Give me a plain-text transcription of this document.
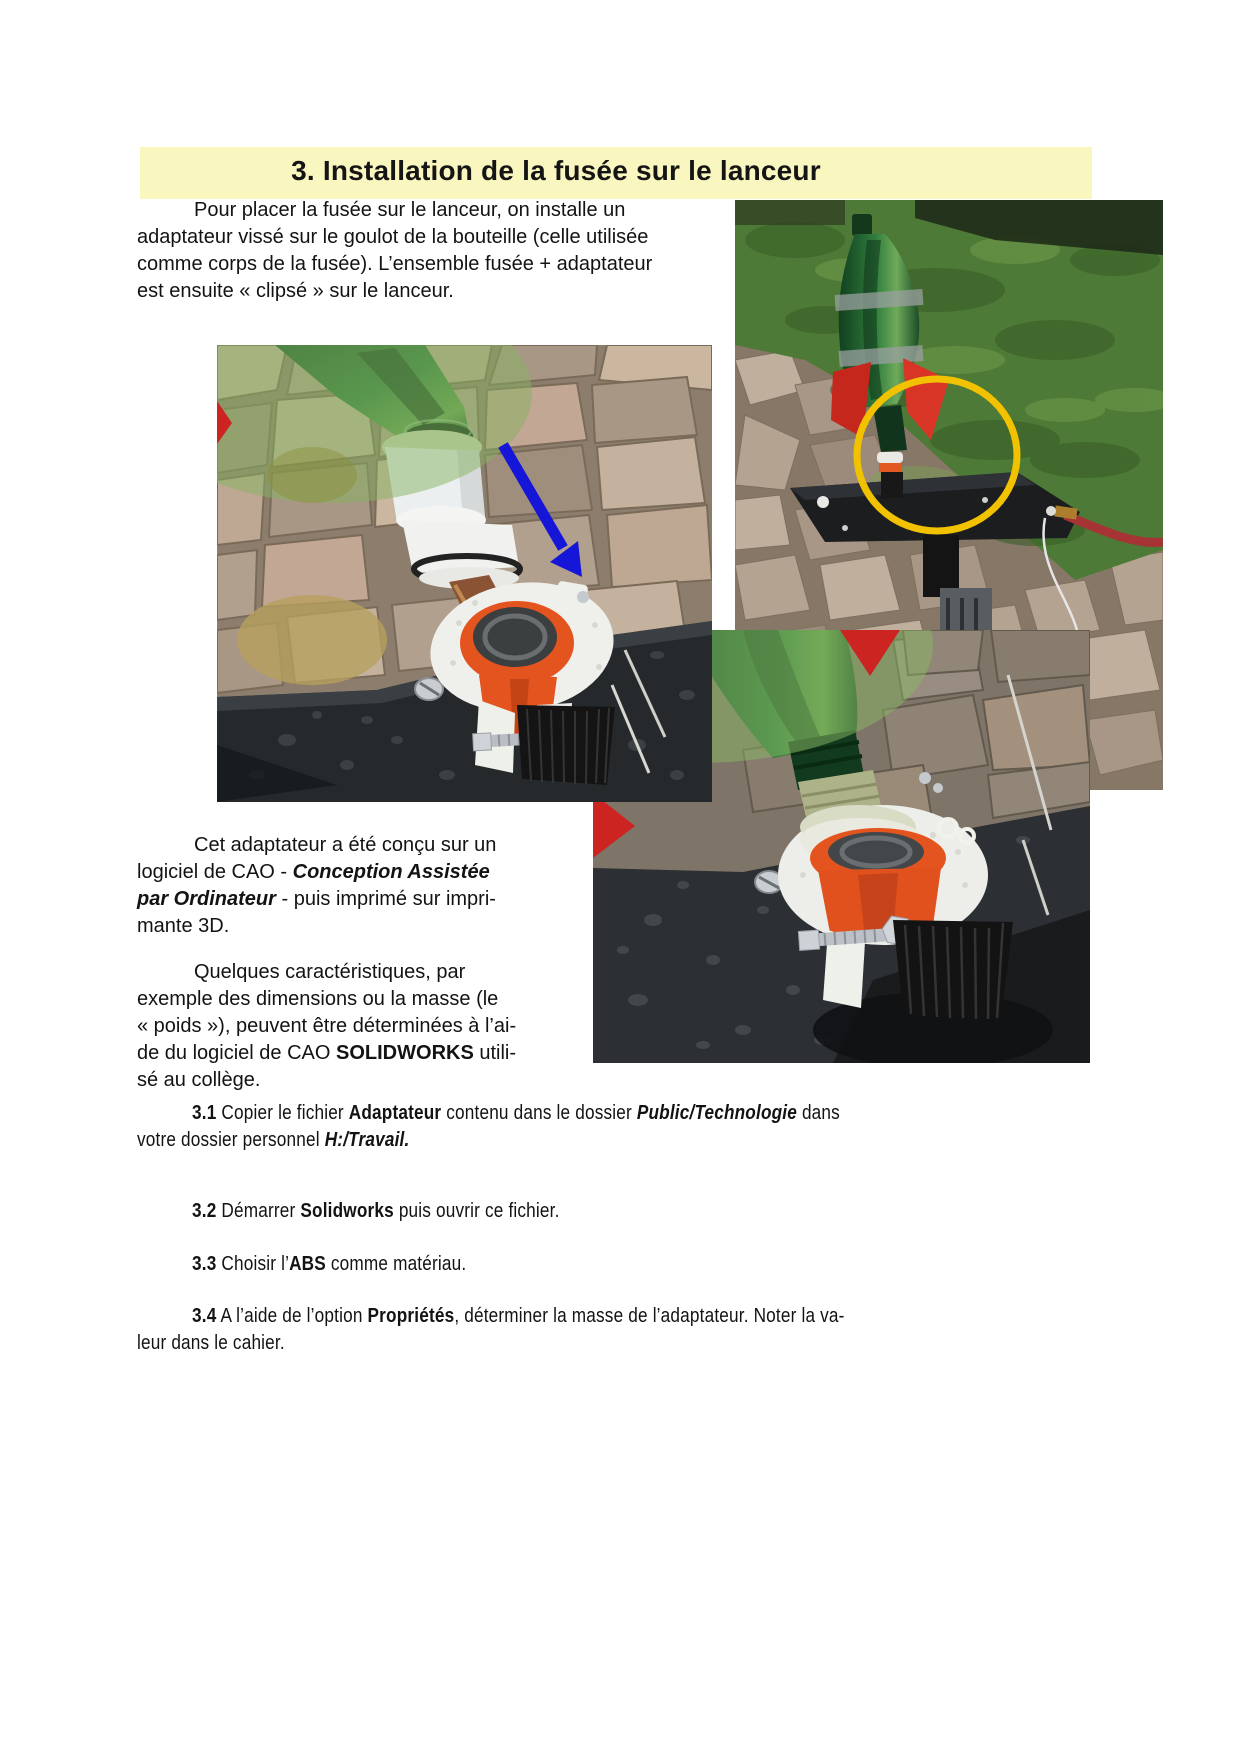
3. Installation de la fusée sur le lanceur

Pour placer la fusée sur le lanceur, on installe un
adaptateur vissé sur le goulot de la bouteille (celle utilisée
comme corps de la fusée). L’ensemble fusée + adaptateur
est ensuite « clipsé » sur le lanceur.

Cet adaptateur a été conçu sur un
logiciel de CAO - Conception Assistée
par Ordinateur - puis imprimé sur impri-
mante 3D.

Quelques caractéristiques, par
exemple des dimensions ou la masse (le
« poids »), peuvent être déterminées à l’ai-
de du logiciel de CAO SOLIDWORKS utili-
sé au collège.

3.1 Copier le fichier Adaptateur contenu dans le dossier Public/Technologie dans
votre dossier personnel H:/Travail.

3.2 Démarrer Solidworks puis ouvrir ce fichier.

3.3 Choisir l’ABS comme matériau.

3.4 A l’aide de l’option Propriétés, déterminer la masse de l’adaptateur. Noter la va-
leur dans le cahier.
